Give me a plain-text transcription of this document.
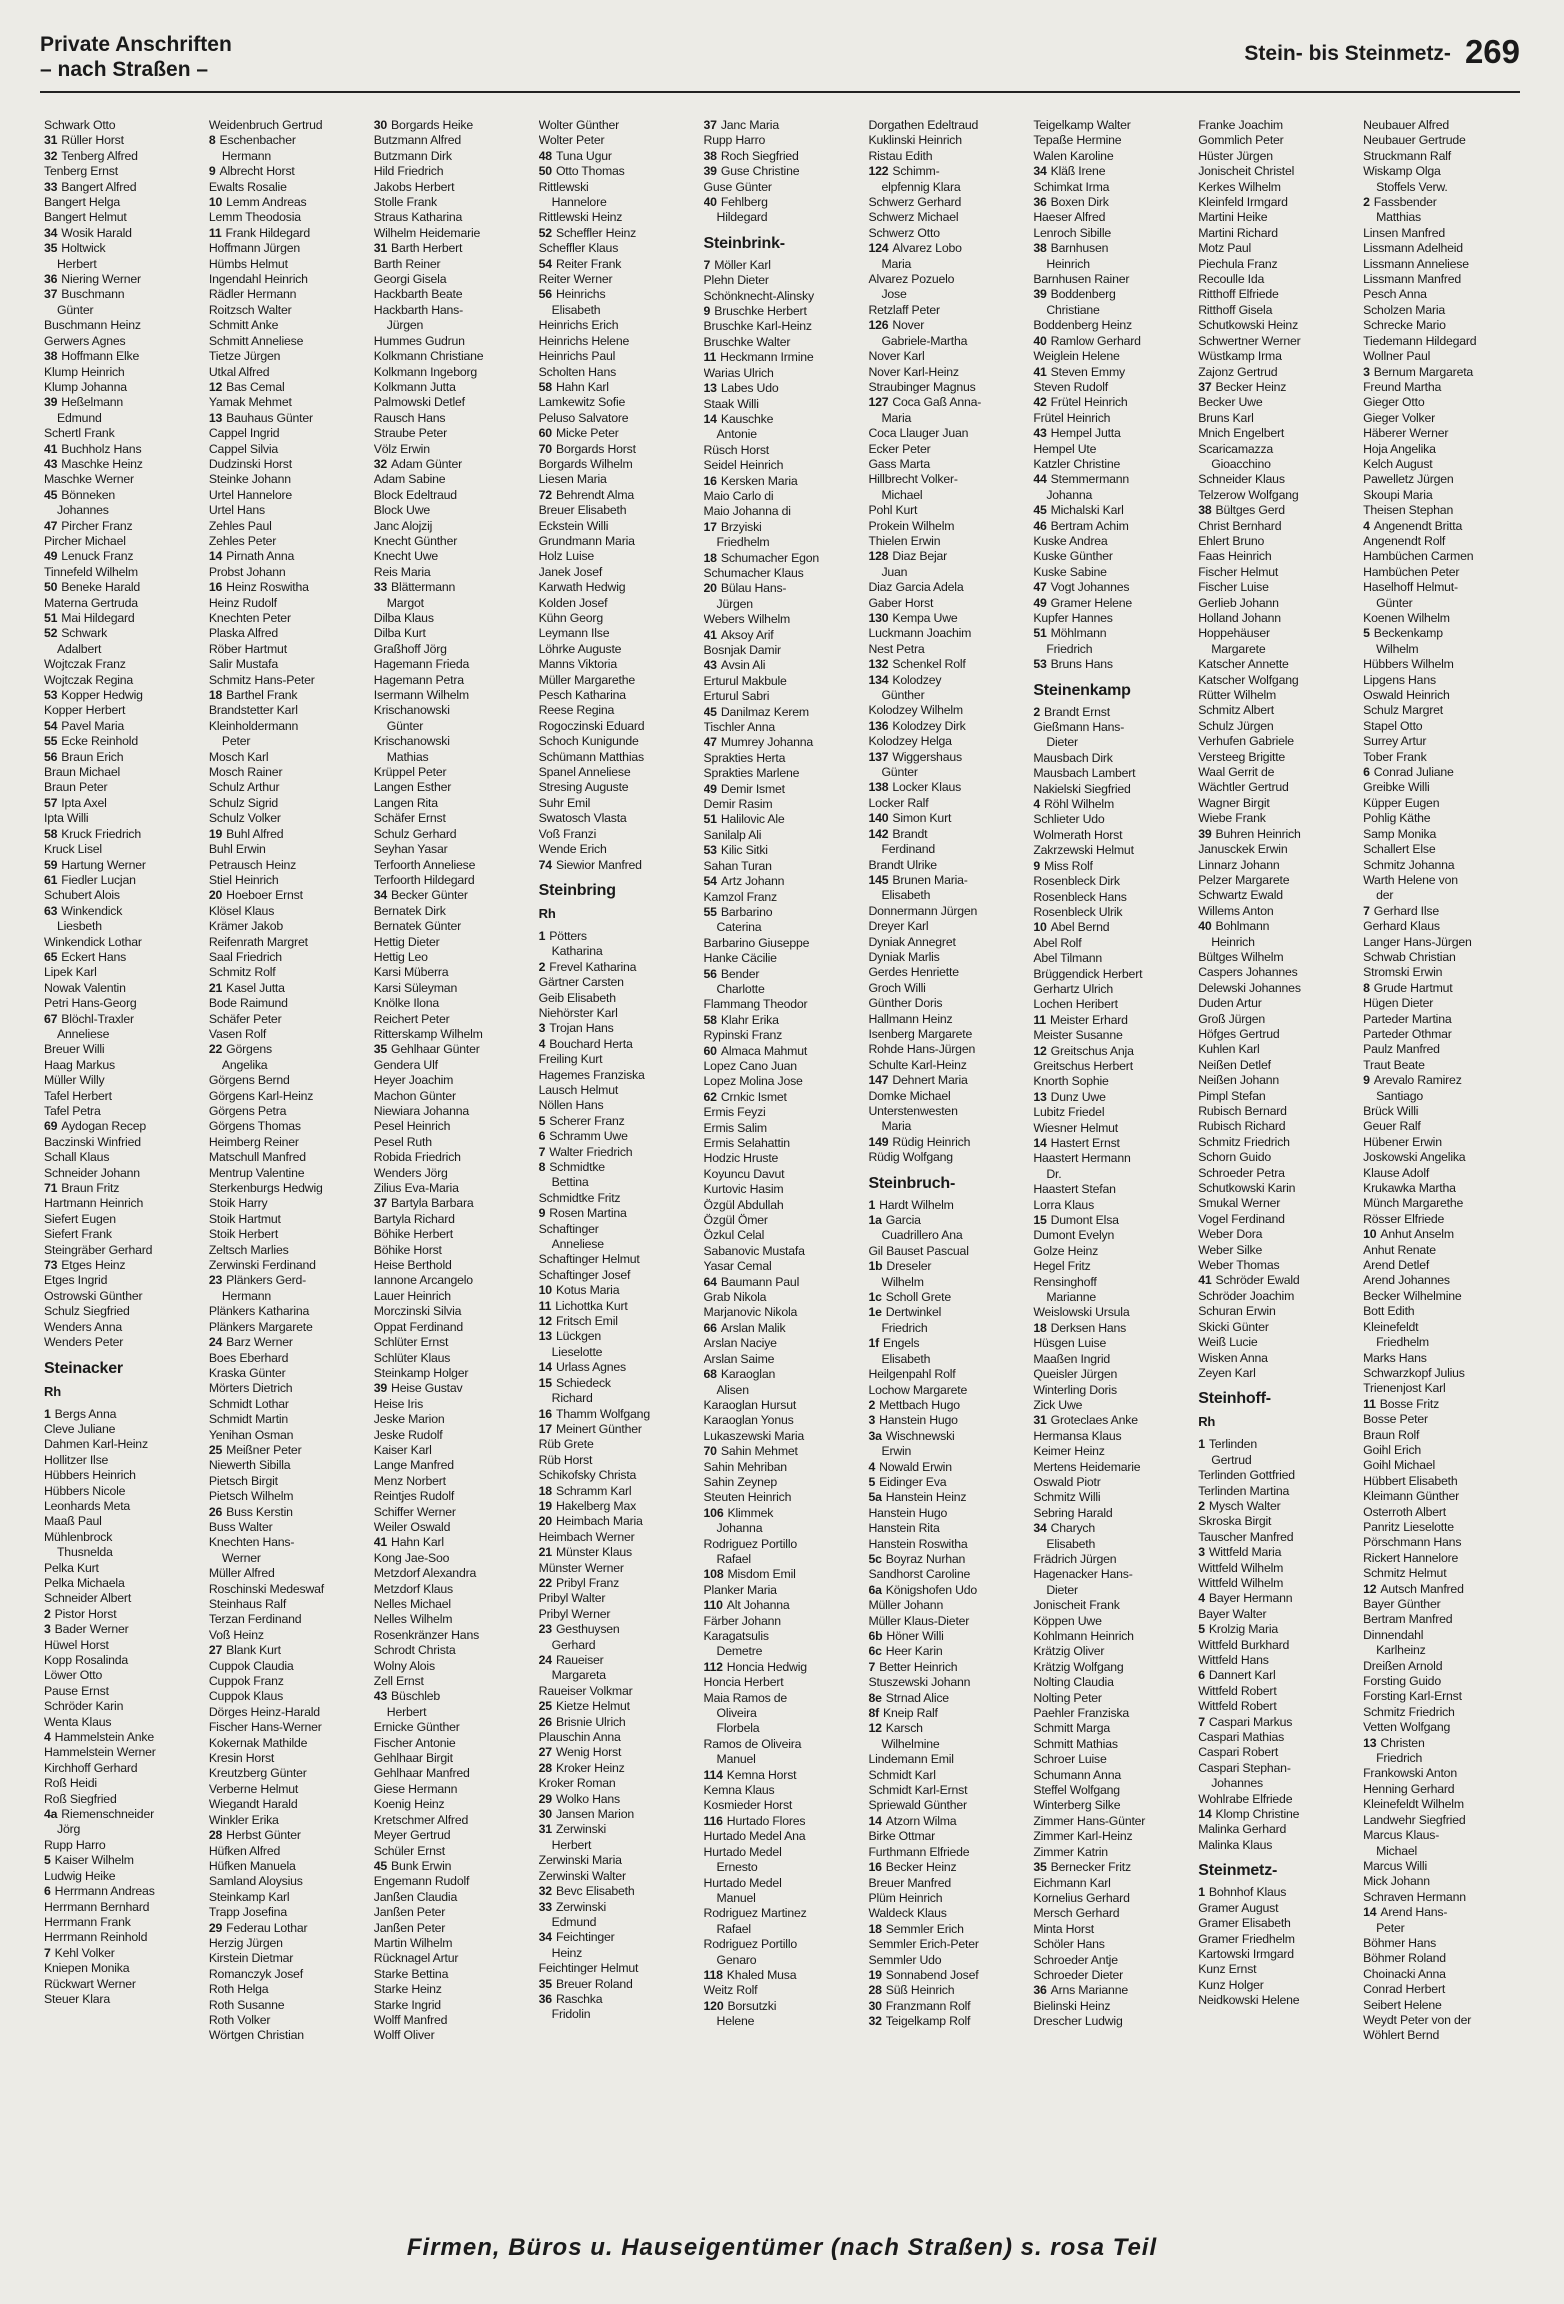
Private Anschriften
– nach Straßen –
Stein- bis Steinmetz- 269
Schwark Otto
31 Rüller Horst
32 Tenberg Alfred
Tenberg Ernst
33 Bangert Alfred
Bangert Helga
Bangert Helmut
34 Wosik Harald
35 Holtwick
Herbert
36 Niering Werner
37 Buschmann
Günter
Buschmann Heinz
Gerwers Agnes
38 Hoffmann Elke
Klump Heinrich
Klump Johanna
39 Heßelmann
Edmund
Schertl Frank
41 Buchholz Hans
43 Maschke Heinz
Maschke Werner
45 Bönneken
Johannes
47 Pircher Franz
Pircher Michael
49 Lenuck Franz
Tinnefeld Wilhelm
50 Beneke Harald
Materna Gertruda
51 Mai Hildegard
52 Schwark
Adalbert
Wojtczak Franz
Wojtczak Regina
53 Kopper Hedwig
Kopper Herbert
54 Pavel Maria
55 Ecke Reinhold
56 Braun Erich
Braun Michael
Braun Peter
57 Ipta Axel
Ipta Willi
58 Kruck Friedrich
Kruck Lisel
59 Hartung Werner
61 Fiedler Lucjan
Schubert Alois
63 Winkendick
Liesbeth
Winkendick Lothar
65 Eckert Hans
Lipek Karl
Nowak Valentin
Petri Hans-Georg
67 Blöchl-Traxler
Anneliese
Breuer Willi
Haag Markus
Müller Willy
Tafel Herbert
Tafel Petra
69 Aydogan Recep
Baczinski Winfried
Schall Klaus
Schneider Johann
71 Braun Fritz
Hartmann Heinrich
Siefert Eugen
Siefert Frank
Steingräber Gerhard
73 Etges Heinz
Etges Ingrid
Ostrowski Günther
Schulz Siegfried
Wenders Anna
Wenders Peter
Steinacker
Rh
1 Bergs Anna
Cleve Juliane
Dahmen Karl-Heinz
Hollitzer Ilse
Hübbers Heinrich
Hübbers Nicole
Leonhards Meta
Maaß Paul
Mühlenbrock
Thusnelda
Pelka Kurt
Pelka Michaela
Schneider Albert
2 Pistor Horst
3 Bader Werner
Hüwel Horst
Kopp Rosalinda
Löwer Otto
Pause Ernst
Schröder Karin
Wenta Klaus
4 Hammelstein Anke
Hammelstein Werner
Kirchhoff Gerhard
Roß Heidi
Roß Siegfried
4a Riemenschneider
Jörg
Rupp Harro
5 Kaiser Wilhelm
Ludwig Heike
6 Herrmann Andreas
Herrmann Bernhard
Herrmann Frank
Herrmann Reinhold
7 Kehl Volker
Kniepen Monika
Rückwart Werner
Steuer Klara
Weidenbruch Gertrud
8 Eschenbacher
Hermann
9 Albrecht Horst
Ewalts Rosalie
10 Lemm Andreas
Lemm Theodosia
11 Frank Hildegard
Hoffmann Jürgen
Hümbs Helmut
Ingendahl Heinrich
Rädler Hermann
Roitzsch Walter
Schmitt Anke
Schmitt Anneliese
Tietze Jürgen
Utkal Alfred
12 Bas Cemal
Yamak Mehmet
13 Bauhaus Günter
Cappel Ingrid
Cappel Silvia
Dudzinski Horst
Steinke Johann
Urtel Hannelore
Urtel Hans
Zehles Paul
Zehles Peter
14 Pirnath Anna
Probst Johann
16 Heinz Roswitha
Heinz Rudolf
Knechten Peter
Plaska Alfred
Röber Hartmut
Salir Mustafa
Schmitz Hans-Peter
18 Barthel Frank
Brandstetter Karl
Kleinholdermann
Peter
Mosch Karl
Mosch Rainer
Schulz Arthur
Schulz Sigrid
Schulz Volker
19 Buhl Alfred
Buhl Erwin
Petrausch Heinz
Stiel Heinrich
20 Hoeboer Ernst
Klösel Klaus
Krämer Jakob
Reifenrath Margret
Saal Friedrich
Schmitz Rolf
21 Kasel Jutta
Bode Raimund
Schäfer Peter
Vasen Rolf
22 Görgens
Angelika
Görgens Bernd
Görgens Karl-Heinz
Görgens Petra
Görgens Thomas
Heimberg Reiner
Matschull Manfred
Mentrup Valentine
Sterkenburgs Hedwig
Stoik Harry
Stoik Hartmut
Stoik Herbert
Zeltsch Marlies
Zerwinski Ferdinand
23 Plänkers Gerd-
Hermann
Plänkers Katharina
Plänkers Margarete
24 Barz Werner
Boes Eberhard
Kraska Günter
Mörters Dietrich
Schmidt Lothar
Schmidt Martin
Yenihan Osman
25 Meißner Peter
Niewerth Sibilla
Pietsch Birgit
Pietsch Wilhelm
26 Buss Kerstin
Buss Walter
Knechten Hans-
Werner
Müller Alfred
Roschinski Medeswaf
Steinhaus Ralf
Terzan Ferdinand
Voß Heinz
27 Blank Kurt
Cuppok Claudia
Cuppok Franz
Cuppok Klaus
Dörges Heinz-Harald
Fischer Hans-Werner
Kokernak Mathilde
Kresin Horst
Kreutzberg Günter
Verberne Helmut
Wiegandt Harald
Winkler Erika
28 Herbst Günter
Hüfken Alfred
Hüfken Manuela
Samland Aloysius
Steinkamp Karl
Trapp Josefina
29 Federau Lothar
Herzig Jürgen
Kirstein Dietmar
Romanczyk Josef
Roth Helga
Roth Susanne
Roth Volker
Wörtgen Christian
30 Borgards Heike
Butzmann Alfred
Butzmann Dirk
Hild Friedrich
Jakobs Herbert
Stolle Frank
Straus Katharina
Wilhelm Heidemarie
31 Barth Herbert
Barth Reiner
Georgi Gisela
Hackbarth Beate
Hackbarth Hans-
Jürgen
Hummes Gudrun
Kolkmann Christiane
Kolkmann Ingeborg
Kolkmann Jutta
Palmowski Detlef
Rausch Hans
Straube Peter
Völz Erwin
32 Adam Günter
Adam Sabine
Block Edeltraud
Block Uwe
Janc Alojzij
Knecht Günther
Knecht Uwe
Reis Maria
33 Blättermann
Margot
Dilba Klaus
Dilba Kurt
Graßhoff Jörg
Hagemann Frieda
Hagemann Petra
Isermann Wilhelm
Krischanowski
Günter
Krischanowski
Mathias
Krüppel Peter
Langen Esther
Langen Rita
Schäfer Ernst
Schulz Gerhard
Seyhan Yasar
Terfoorth Anneliese
Terfoorth Hildegard
34 Becker Günter
Bernatek Dirk
Bernatek Günter
Hettig Dieter
Hettig Leo
Karsi Müberra
Karsi Süleyman
Knölke Ilona
Reichert Peter
Ritterskamp Wilhelm
35 Gehlhaar Günter
Gendera Ulf
Heyer Joachim
Machon Günter
Niewiara Johanna
Pesel Heinrich
Pesel Ruth
Robida Friedrich
Wenders Jörg
Zilius Eva-Maria
37 Bartyla Barbara
Bartyla Richard
Böhike Herbert
Böhike Horst
Heise Berthold
Iannone Arcangelo
Lauer Heinrich
Morczinski Silvia
Oppat Ferdinand
Schlüter Ernst
Schlüter Klaus
Steinkamp Holger
39 Heise Gustav
Heise Iris
Jeske Marion
Jeske Rudolf
Kaiser Karl
Lange Manfred
Menz Norbert
Reintjes Rudolf
Schiffer Werner
Weiler Oswald
41 Hahn Karl
Kong Jae-Soo
Metzdorf Alexandra
Metzdorf Klaus
Nelles Michael
Nelles Wilhelm
Rosenkränzer Hans
Schrodt Christa
Wolny Alois
Zell Ernst
43 Büschleb
Herbert
Ernicke Günther
Fischer Antonie
Gehlhaar Birgit
Gehlhaar Manfred
Giese Hermann
Koenig Heinz
Kretschmer Alfred
Meyer Gertrud
Schüler Ernst
45 Bunk Erwin
Engemann Rudolf
Janßen Claudia
Janßen Peter
Janßen Peter
Martin Wilhelm
Rücknagel Artur
Starke Bettina
Starke Heinz
Starke Ingrid
Wolff Manfred
Wolff Oliver
Wolter Günther
Wolter Peter
48 Tuna Ugur
50 Otto Thomas
Rittlewski
Hannelore
Rittlewski Heinz
52 Scheffler Heinz
Scheffler Klaus
54 Reiter Frank
Reiter Werner
56 Heinrichs
Elisabeth
Heinrichs Erich
Heinrichs Helene
Heinrichs Paul
Scholten Hans
58 Hahn Karl
Lamkewitz Sofie
Peluso Salvatore
60 Micke Peter
70 Borgards Horst
Borgards Wilhelm
Liesen Maria
72 Behrendt Alma
Breuer Elisabeth
Eckstein Willi
Grundmann Maria
Holz Luise
Janek Josef
Karwath Hedwig
Kolden Josef
Kühn Georg
Leymann Ilse
Löhrke Auguste
Manns Viktoria
Müller Margarethe
Pesch Katharina
Reese Regina
Rogoczinski Eduard
Schoch Kunigunde
Schümann Matthias
Spanel Anneliese
Stresing Auguste
Suhr Emil
Swatosch Vlasta
Voß Franzi
Wende Erich
74 Siewior Manfred
Steinbring
Rh
1 Pötters
Katharina
2 Frevel Katharina
Gärtner Carsten
Geib Elisabeth
Niehörster Karl
3 Trojan Hans
4 Bouchard Herta
Freiling Kurt
Hagemes Franziska
Lausch Helmut
Nöllen Hans
5 Scherer Franz
6 Schramm Uwe
7 Walter Friedrich
8 Schmidtke
Bettina
Schmidtke Fritz
9 Rosen Martina
Schaftinger
Anneliese
Schaftinger Helmut
Schaftinger Josef
10 Kotus Maria
11 Lichottka Kurt
12 Fritsch Emil
13 Lückgen
Lieselotte
14 Urlass Agnes
15 Schiedeck
Richard
16 Thamm Wolfgang
17 Meinert Günther
Rüb Grete
Rüb Horst
Schikofsky Christa
18 Schramm Karl
19 Hakelberg Max
20 Heimbach Maria
Heimbach Werner
21 Münster Klaus
Münster Werner
22 Pribyl Franz
Pribyl Walter
Pribyl Werner
23 Gesthuysen
Gerhard
24 Raueiser
Margareta
Raueiser Volkmar
25 Kietze Helmut
26 Brisnie Ulrich
Plauschin Anna
27 Wenig Horst
28 Kroker Heinz
Kroker Roman
29 Wolko Hans
30 Jansen Marion
31 Zerwinski
Herbert
Zerwinski Maria
Zerwinski Walter
32 Bevc Elisabeth
33 Zerwinski
Edmund
34 Feichtinger
Heinz
Feichtinger Helmut
35 Breuer Roland
36 Raschka
Fridolin
37 Janc Maria
Rupp Harro
38 Roch Siegfried
39 Guse Christine
Guse Günter
40 Fehlberg
Hildegard
Steinbrink-
7 Möller Karl
Plehn Dieter
Schönknecht-Alinsky
9 Bruschke Herbert
Bruschke Karl-Heinz
Bruschke Walter
11 Heckmann Irmine
Warias Ulrich
13 Labes Udo
Staak Willi
14 Kauschke
Antonie
Rüsch Horst
Seidel Heinrich
16 Kersken Maria
Maio Carlo di
Maio Johanna di
17 Brzyiski
Friedhelm
18 Schumacher Egon
Schumacher Klaus
20 Bülau Hans-
Jürgen
Webers Wilhelm
41 Aksoy Arif
Bosnjak Damir
43 Avsin Ali
Erturul Makbule
Erturul Sabri
45 Danilmaz Kerem
Tischler Anna
47 Mumrey Johanna
Sprakties Herta
Sprakties Marlene
49 Demir Ismet
Demir Rasim
51 Halilovic Ale
Sanilalp Ali
53 Kilic Sitki
Sahan Turan
54 Artz Johann
Kamzol Franz
55 Barbarino
Caterina
Barbarino Giuseppe
Hanke Cäcilie
56 Bender
Charlotte
Flammang Theodor
58 Klahr Erika
Rypinski Franz
60 Almaca Mahmut
Lopez Cano Juan
Lopez Molina Jose
62 Crnkic Ismet
Ermis Feyzi
Ermis Salim
Ermis Selahattin
Hodzic Hruste
Koyuncu Davut
Kurtovic Hasim
Özgül Abdullah
Özgül Ömer
Özkul Celal
Sabanovic Mustafa
Yasar Cemal
64 Baumann Paul
Grab Nikola
Marjanovic Nikola
66 Arslan Malik
Arslan Naciye
Arslan Saime
68 Karaoglan
Alisen
Karaoglan Hursut
Karaoglan Yonus
Lukaszewski Maria
70 Sahin Mehmet
Sahin Mehriban
Sahin Zeynep
Steuten Heinrich
106 Klimmek
Johanna
Rodriguez Portillo
Rafael
108 Misdom Emil
Planker Maria
110 Alt Johanna
Färber Johann
Karagatsulis
Demetre
112 Honcia Hedwig
Honcia Herbert
Maia Ramos de
Oliveira
Florbela
Ramos de Oliveira
Manuel
114 Kemna Horst
Kemna Klaus
Kosmieder Horst
116 Hurtado Flores
Hurtado Medel Ana
Hurtado Medel
Ernesto
Hurtado Medel
Manuel
Rodriguez Martinez
Rafael
Rodriguez Portillo
Genaro
118 Khaled Musa
Weitz Rolf
120 Borsutzki
Helene
Dorgathen Edeltraud
Kuklinski Heinrich
Ristau Edith
122 Schimm-
elpfennig Klara
Schwerz Gerhard
Schwerz Michael
Schwerz Otto
124 Alvarez Lobo
Maria
Alvarez Pozuelo
Jose
Retzlaff Peter
126 Nover
Gabriele-Martha
Nover Karl
Nover Karl-Heinz
Straubinger Magnus
127 Coca Gaß Anna-
Maria
Coca Llauger Juan
Ecker Peter
Gass Marta
Hillbrecht Volker-
Michael
Pohl Kurt
Prokein Wilhelm
Thielen Erwin
128 Diaz Bejar
Juan
Diaz Garcia Adela
Gaber Horst
130 Kempa Uwe
Luckmann Joachim
Nest Petra
132 Schenkel Rolf
134 Kolodzey
Günther
Kolodzey Wilhelm
136 Kolodzey Dirk
Kolodzey Helga
137 Wiggershaus
Günter
138 Locker Klaus
Locker Ralf
140 Simon Kurt
142 Brandt
Ferdinand
Brandt Ulrike
145 Brunen Maria-
Elisabeth
Donnermann Jürgen
Dreyer Karl
Dyniak Annegret
Dyniak Marlis
Gerdes Henriette
Groch Willi
Günther Doris
Hallmann Heinz
Isenberg Margarete
Rohde Hans-Jürgen
Schulte Karl-Heinz
147 Dehnert Maria
Domke Michael
Unterstenwesten
Maria
149 Rüdig Heinrich
Rüdig Wolfgang
Steinbruch-
1 Hardt Wilhelm
1a Garcia
Cuadrillero Ana
Gil Bauset Pascual
1b Dreseler
Wilhelm
1c Scholl Grete
1e Dertwinkel
Friedrich
1f Engels
Elisabeth
Heilgenpahl Rolf
Lochow Margarete
2 Mettbach Hugo
3 Hanstein Hugo
3a Wischnewski
Erwin
4 Nowald Erwin
5 Eidinger Eva
5a Hanstein Heinz
Hanstein Hugo
Hanstein Rita
Hanstein Roswitha
5c Boyraz Nurhan
Sandhorst Caroline
6a Königshofen Udo
Müller Johann
Müller Klaus-Dieter
6b Höner Willi
6c Heer Karin
7 Better Heinrich
Stuszewski Johann
8e Strnad Alice
8f Kneip Ralf
12 Karsch
Wilhelmine
Lindemann Emil
Schmidt Karl
Schmidt Karl-Ernst
Spriewald Günther
14 Atzorn Wilma
Birke Ottmar
Furthmann Elfriede
16 Becker Heinz
Breuer Manfred
Plüm Heinrich
Waldeck Klaus
18 Semmler Erich
Semmler Erich-Peter
Semmler Udo
19 Sonnabend Josef
28 Süß Heinrich
30 Franzmann Rolf
32 Teigelkamp Rolf
Teigelkamp Walter
Tepaße Hermine
Walen Karoline
34 Kläß Irene
Schimkat Irma
36 Boxen Dirk
Haeser Alfred
Lenroch Sibille
38 Barnhusen
Heinrich
Barnhusen Rainer
39 Boddenberg
Christiane
Boddenberg Heinz
40 Ramlow Gerhard
Weiglein Helene
41 Steven Emmy
Steven Rudolf
42 Frütel Heinrich
Frütel Heinrich
43 Hempel Jutta
Hempel Ute
Katzler Christine
44 Stemmermann
Johanna
45 Michalski Karl
46 Bertram Achim
Kuske Andrea
Kuske Günther
Kuske Sabine
47 Vogt Johannes
49 Gramer Helene
Kupfer Hannes
51 Möhlmann
Friedrich
53 Bruns Hans
Steinenkamp
2 Brandt Ernst
Gießmann Hans-
Dieter
Mausbach Dirk
Mausbach Lambert
Nakielski Siegfried
4 Röhl Wilhelm
Schlieter Udo
Wolmerath Horst
Zakrzewski Helmut
9 Miss Rolf
Rosenbleck Dirk
Rosenbleck Hans
Rosenbleck Ulrik
10 Abel Bernd
Abel Rolf
Abel Tilmann
Brüggendick Herbert
Gerhartz Ulrich
Lochen Heribert
11 Meister Erhard
Meister Susanne
12 Greitschus Anja
Greitschus Herbert
Knorth Sophie
13 Dunz Uwe
Lubitz Friedel
Wiesner Helmut
14 Hastert Ernst
Haastert Hermann
Dr.
Haastert Stefan
Lorra Klaus
15 Dumont Elsa
Dumont Evelyn
Golze Heinz
Hegel Fritz
Rensinghoff
Marianne
Weislowski Ursula
18 Derksen Hans
Hüsgen Luise
Maaßen Ingrid
Queisler Jürgen
Winterling Doris
Zick Uwe
31 Groteclaes Anke
Hermansa Klaus
Keimer Heinz
Mertens Heidemarie
Oswald Piotr
Schmitz Willi
Sebring Harald
34 Charych
Elisabeth
Frädrich Jürgen
Hagenacker Hans-
Dieter
Jonischeit Frank
Köppen Uwe
Kohlmann Heinrich
Krätzig Oliver
Krätzig Wolfgang
Nolting Claudia
Nolting Peter
Paehler Franziska
Schmitt Marga
Schmitt Mathias
Schroer Luise
Schumann Anna
Steffel Wolfgang
Winterberg Silke
Zimmer Hans-Günter
Zimmer Karl-Heinz
Zimmer Katrin
35 Bernecker Fritz
Eichmann Karl
Kornelius Gerhard
Mersch Gerhard
Minta Horst
Schöler Hans
Schroeder Antje
Schroeder Dieter
36 Arns Marianne
Bielinski Heinz
Drescher Ludwig
Franke Joachim
Gommlich Peter
Hüster Jürgen
Jonischeit Christel
Kerkes Wilhelm
Kleinfeld Irmgard
Martini Heike
Martini Richard
Motz Paul
Piechula Franz
Recoulle Ida
Ritthoff Elfriede
Ritthoff Gisela
Schutkowski Heinz
Schwertner Werner
Wüstkamp Irma
Zajonz Gertrud
37 Becker Heinz
Becker Uwe
Bruns Karl
Mnich Engelbert
Scaricamazza
Gioacchino
Schneider Klaus
Telzerow Wolfgang
38 Bültges Gerd
Christ Bernhard
Ehlert Bruno
Faas Heinrich
Fischer Helmut
Fischer Luise
Gerlieb Johann
Holland Johann
Hoppehäuser
Margarete
Katscher Annette
Katscher Wolfgang
Rütter Wilhelm
Schmitz Albert
Schulz Jürgen
Verhufen Gabriele
Versteeg Brigitte
Waal Gerrit de
Wächtler Gertrud
Wagner Birgit
Wiebe Frank
39 Buhren Heinrich
Janusckek Erwin
Linnarz Johann
Pelzer Margarete
Schwartz Ewald
Willems Anton
40 Bohlmann
Heinrich
Bültges Wilhelm
Caspers Johannes
Delewski Johannes
Duden Artur
Groß Jürgen
Höfges Gertrud
Kuhlen Karl
Neißen Detlef
Neißen Johann
Pimpl Stefan
Rubisch Bernard
Rubisch Richard
Schmitz Friedrich
Schorn Guido
Schroeder Petra
Schutkowski Karin
Smukal Werner
Vogel Ferdinand
Weber Dora
Weber Silke
Weber Thomas
41 Schröder Ewald
Schröder Joachim
Schuran Erwin
Skicki Günter
Weiß Lucie
Wisken Anna
Zeyen Karl
Steinhoff-
Rh
1 Terlinden
Gertrud
Terlinden Gottfried
Terlinden Martina
2 Mysch Walter
Skroska Birgit
Tauscher Manfred
3 Wittfeld Maria
Wittfeld Wilhelm
Wittfeld Wilhelm
4 Bayer Hermann
Bayer Walter
5 Krolzig Maria
Wittfeld Burkhard
Wittfeld Hans
6 Dannert Karl
Wittfeld Robert
Wittfeld Robert
7 Caspari Markus
Caspari Mathias
Caspari Robert
Caspari Stephan-
Johannes
Wohlrabe Elfriede
14 Klomp Christine
Malinka Gerhard
Malinka Klaus
Steinmetz-
1 Bohnhof Klaus
Gramer August
Gramer Elisabeth
Gramer Friedhelm
Kartowski Irmgard
Kunz Ernst
Kunz Holger
Neidkowski Helene
Neubauer Alfred
Neubauer Gertrude
Struckmann Ralf
Wiskamp Olga
Stoffels Verw.
2 Fassbender
Matthias
Linsen Manfred
Lissmann Adelheid
Lissmann Anneliese
Lissmann Manfred
Pesch Anna
Scholzen Maria
Schrecke Mario
Tiedemann Hildegard
Wollner Paul
3 Bernum Margareta
Freund Martha
Gieger Otto
Gieger Volker
Häberer Werner
Hoja Angelika
Kelch August
Pawelletz Jürgen
Skoupi Maria
Theisen Stephan
4 Angenendt Britta
Angenendt Rolf
Hambüchen Carmen
Hambüchen Peter
Haselhoff Helmut-
Günter
Koenen Wilhelm
5 Beckenkamp
Wilhelm
Hübbers Wilhelm
Lipgens Hans
Oswald Heinrich
Schulz Margret
Stapel Otto
Surrey Artur
Tober Frank
6 Conrad Juliane
Greibke Willi
Küpper Eugen
Pohlig Käthe
Samp Monika
Schallert Else
Schmitz Johanna
Warth Helene von
der
7 Gerhard Ilse
Gerhard Klaus
Langer Hans-Jürgen
Schwab Christian
Stromski Erwin
8 Grude Hartmut
Hügen Dieter
Parteder Martina
Parteder Othmar
Paulz Manfred
Traut Beate
9 Arevalo Ramirez
Santiago
Brück Willi
Geuer Ralf
Hübener Erwin
Joskowski Angelika
Klause Adolf
Krukawka Martha
Münch Margarethe
Rösser Elfriede
10 Anhut Anselm
Anhut Renate
Arend Detlef
Arend Johannes
Becker Wilhelmine
Bott Edith
Kleinefeldt
Friedhelm
Marks Hans
Schwarzkopf Julius
Trienenjost Karl
11 Bosse Fritz
Bosse Peter
Braun Rolf
Goihl Erich
Goihl Michael
Hübbert Elisabeth
Kleimann Günther
Osterroth Albert
Panritz Lieselotte
Pörschmann Hans
Rickert Hannelore
Schmitz Helmut
12 Autsch Manfred
Bayer Günther
Bertram Manfred
Dinnendahl
Karlheinz
Dreißen Arnold
Forsting Guido
Forsting Karl-Ernst
Schmitz Friedrich
Vetten Wolfgang
13 Christen
Friedrich
Frankowski Anton
Henning Gerhard
Kleinefeldt Wilhelm
Landwehr Siegfried
Marcus Klaus-
Michael
Marcus Willi
Mick Johann
Schraven Hermann
14 Arend Hans-
Peter
Böhmer Hans
Böhmer Roland
Choinacki Anna
Conrad Herbert
Seibert Helene
Weydt Peter von der
Wöhlert Bernd
Firmen, Büros u. Hauseigentümer (nach Straßen) s. rosa Teil
